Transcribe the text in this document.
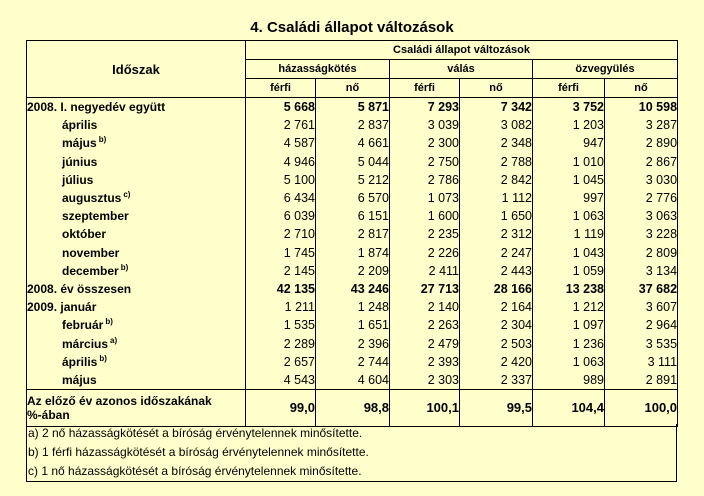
4. Családi állapot változások
Időszak	Családi állapot változások					
	házasságkötés		válás		özvegyülés	
	férfi	nő	férfi	nő	férfi	nő
2008. I. negyedév együtt	5 668	5 871	7 293	7 342	3 752	10 598
április	2 761	2 837	3 039	3 082	1 203	3 287
május $^{b)}$	4 587	4 661	2 300	2 348	947	2 890
június	4 946	5 044	2 750	2 788	1 010	2 867
július	5 100	5 212	2 786	2 842	1 045	3 030
augusztus $^{c)}$	6 434	6 570	1 073	1 112	997	2 776
szeptember	6 039	6 151	1 600	1 650	1 063	3 063
október	2 710	2 817	2 235	2 312	1 119	3 228
november	1 745	1 874	2 226	2 247	1 043	2 809
december $^{b)}$	2 145	2 209	2 411	2 443	1 059	3 134
2008. év összesen	42 135	43 246	27 713	28 166	13 238	37 682
2009. január	1 211	1 248	2 140	2 164	1 212	3 607
február $^{b)}$	1 535	1 651	2 263	2 304	1 097	2 964
március $^{a)}$	2 289	2 396	2 479	2 503	1 236	3 535
április $^{b)}$	2 657	2 744	2 393	2 420	1 063	3 111
május	4 543	4 604	2 303	2 337	989	2 891

Az előző év azonos időszakának
%-ában	99,0	98,8	100,1	99,5	104,4	100,0
a) 2 nő házasságkötését a bíróság érvénytelennek minősítette.
b) 1 férfi házasságkötését a bíróság érvénytelennek minősítette.
c) 1 nő házasságkötését a bíróság érvénytelennek minősítette.
